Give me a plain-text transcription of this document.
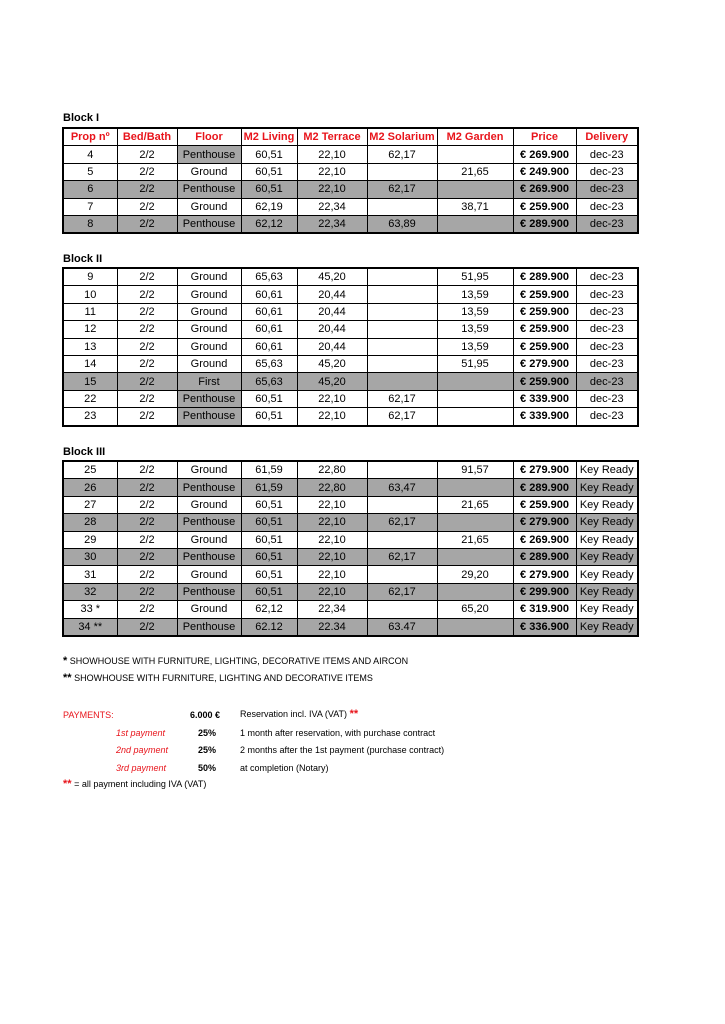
Block I
Block II
Block III
Prop nº	Bed/Bath	Floor	M2 Living	M2 Terrace	M2 Solarium	M2 Garden	Price	Delivery
4	2/2	Penthouse	60,51	22,10	62,17		€ 269.900	dec-23
5	2/2	Ground	60,51	22,10		21,65	€ 249.900	dec-23
6	2/2	Penthouse	60,51	22,10	62,17		€ 269.900	dec-23
7	2/2	Ground	62,19	22,34		38,71	€ 259.900	dec-23
8	2/2	Penthouse	62,12	22,34	63,89		€ 289.900	dec-23
9	2/2	Ground	65,63	45,20		51,95	€ 289.900	dec-23
10	2/2	Ground	60,61	20,44		13,59	€ 259.900	dec-23
11	2/2	Ground	60,61	20,44		13,59	€ 259.900	dec-23
12	2/2	Ground	60,61	20,44		13,59	€ 259.900	dec-23
13	2/2	Ground	60,61	20,44		13,59	€ 259.900	dec-23
14	2/2	Ground	65,63	45,20		51,95	€ 279.900	dec-23
15	2/2	First	65,63	45,20			€ 259.900	dec-23
22	2/2	Penthouse	60,51	22,10	62,17		€ 339.900	dec-23
23	2/2	Penthouse	60,51	22,10	62,17		€ 339.900	dec-23
25	2/2	Ground	61,59	22,80		91,57	€ 279.900	Key Ready
26	2/2	Penthouse	61,59	22,80	63,47		€ 289.900	Key Ready
27	2/2	Ground	60,51	22,10		21,65	€ 259.900	Key Ready
28	2/2	Penthouse	60,51	22,10	62,17		€ 279.900	Key Ready
29	2/2	Ground	60,51	22,10		21,65	€ 269.900	Key Ready
30	2/2	Penthouse	60,51	22,10	62,17		€ 289.900	Key Ready
31	2/2	Ground	60,51	22,10		29,20	€ 279.900	Key Ready
32	2/2	Penthouse	60,51	22,10	62,17		€ 299.900	Key Ready
33 *	2/2	Ground	62,12	22,34		65,20	€ 319.900	Key Ready
34 **	2/2	Penthouse	62.12	22.34	63.47		€ 336.900	Key Ready
* SHOWHOUSE WITH FURNITURE, LIGHTING, DECORATIVE ITEMS AND AIRCON
** SHOWHOUSE WITH FURNITURE, LIGHTING AND DECORATIVE ITEMS
PAYMENTS:	6.000 € Reservation incl. IVA (VAT) **
1st payment	25%	1 month after reservation, with purchase contract
2nd payment	25%	2 months after the 1st payment (purchase contract)
3rd payment	50%	at completion (Notary)
** = all payment including IVA (VAT)
